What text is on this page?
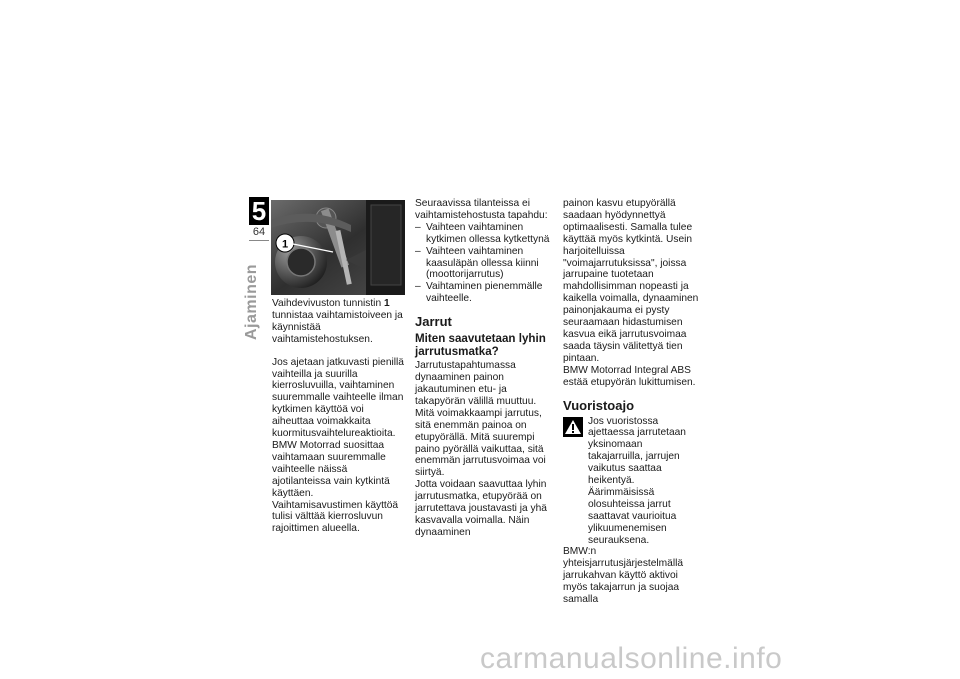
5
64
Ajaminen
1

Vaihdevivuston tunnistin 1 tunnistaa vaihtamistoiveen ja käynnistää vaihtamistehostuksen.

Jos ajetaan jatkuvasti pienillä vaihteilla ja suurilla kierrosluvuilla, vaihtaminen suuremmalle vaihteelle ilman kytkimen käyttöä voi aiheuttaa voimakkaita kuormitusvaihtelureaktioita. BMW Motorrad suosittaa vaihtamaan suuremmalle vaihteelle näissä ajotilanteissa vain kytkintä käyttäen. Vaihtamisavustimen käyttöä tulisi välttää kierrosluvun rajoittimen alueella.

Seuraavissa tilanteissa ei vaihtamistehostusta tapahdu:

– Vaihteen vaihtaminen kytkimen ollessa kytkettynä
– Vaihteen vaihtaminen kaasuläpän ollessa kiinni (moottorijarrutus)
– Vaihtaminen pienemmälle vaihteelle.
Jarrut
Miten saavutetaan lyhin jarrutusmatka?

Jarrutustapahtumassa dynaaminen painon jakautuminen etu- ja takapyörän välillä muuttuu. Mitä voimakkaampi jarrutus, sitä enemmän painoa on etupyörällä. Mitä suurempi paino pyörällä vaikuttaa, sitä enemmän jarrutusvoimaa voi siirtyä.

Jotta voidaan saavuttaa lyhin jarrutusmatka, etupyörää on jarrutettava joustavasti ja yhä kasvavalla voimalla. Näin dynaaminen

painon kasvu etupyörällä saadaan hyödynnettyä optimaalisesti. Samalla tulee käyttää myös kytkintä. Usein harjoitelluissa "voimajarrutuksissa", joissa jarrupaine tuotetaan mahdollisimman nopeasti ja kaikella voimalla, dynaaminen painonjakauma ei pysty seuraamaan hidastumisen kasvua eikä jarrutusvoimaa saada täysin välitettyä tien pintaan.

BMW Motorrad Integral ABS estää etupyörän lukittumisen.

Vuoristoajo

Jos vuoristossa ajettaessa jarrutetaan yksinomaan takajarruilla, jarrujen vaikutus saattaa heikentyä. Äärimmäisissä olosuhteissa jarrut saattavat vaurioitua ylikuumenemisen seurauksena.

BMW:n yhteisjarrutusjärjestelmällä jarrukahvan käyttö aktivoi myös takajarrun ja suojaa samalla

carmanualsonline.info
